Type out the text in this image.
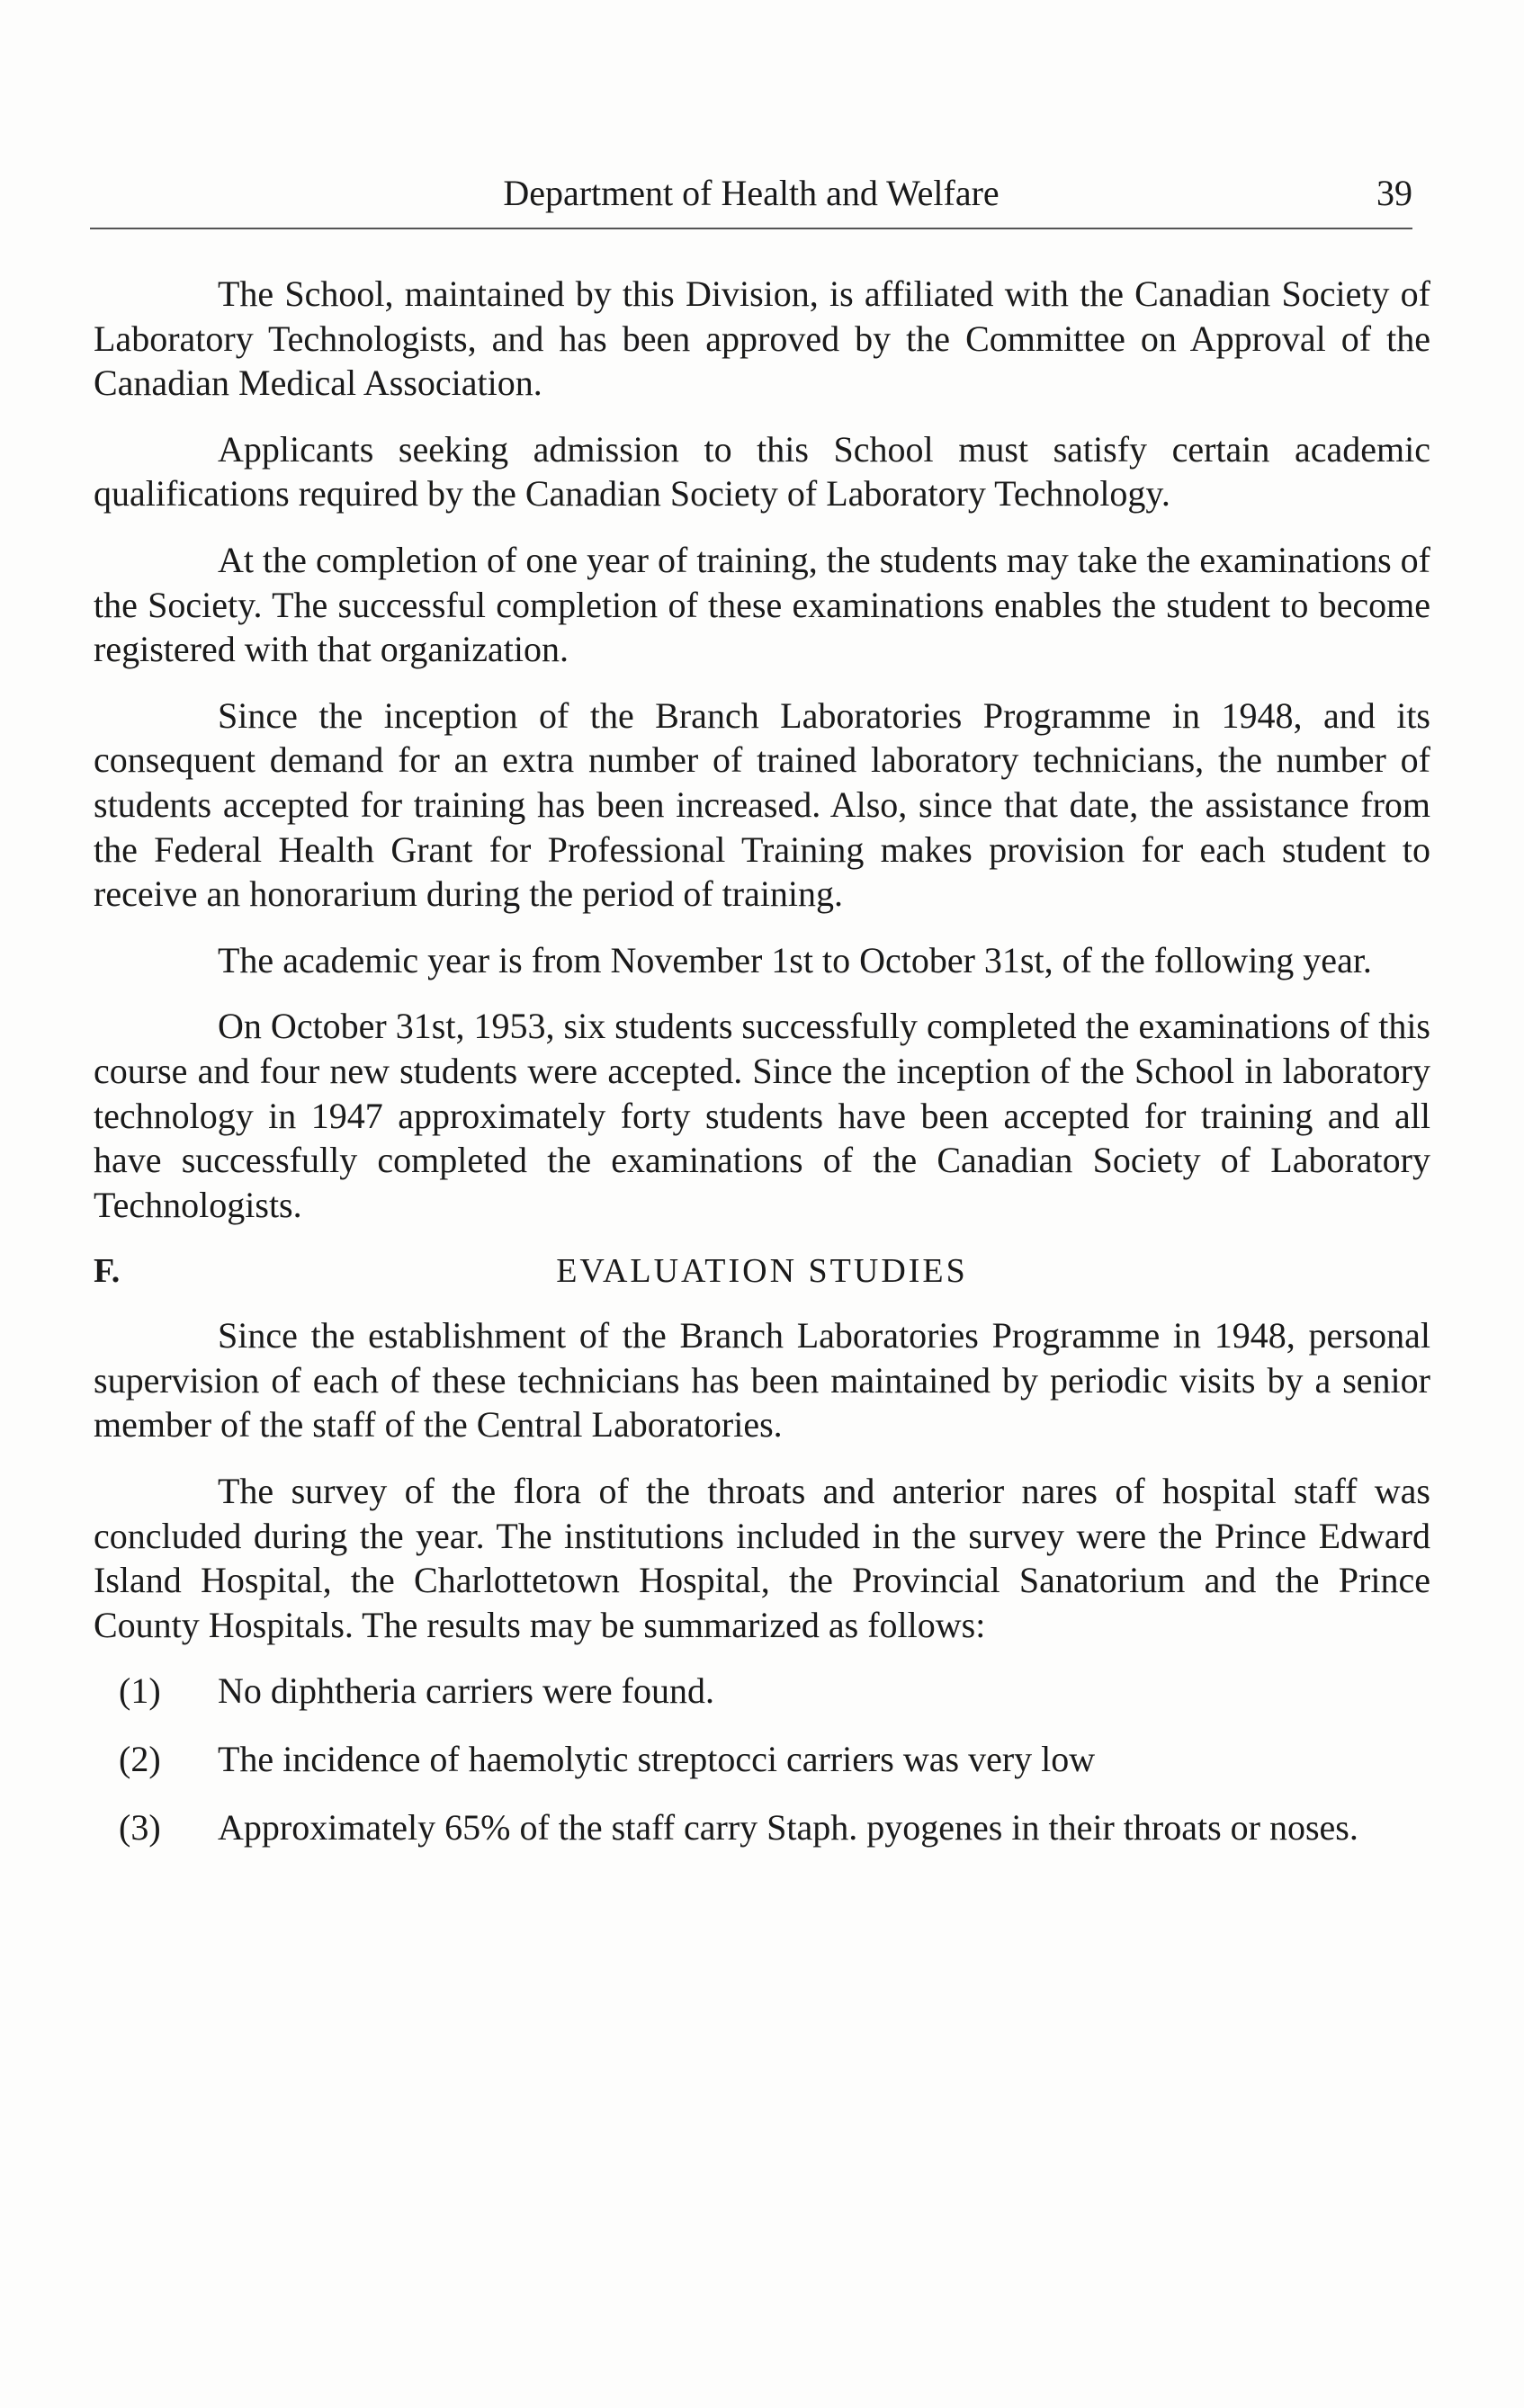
Department of Health and Welfare	39

The School, maintained by this Division, is affiliated with the Canadian Society of Laboratory Technologists, and has been approved by the Committee on Approval of the Canadian Medical Association.

Applicants seeking admission to this School must satisfy certain academic qualifications required by the Canadian Society of Laboratory Technology.

At the completion of one year of training, the students may take the examinations of the Society. The successful completion of these examinations enables the student to become registered with that organization.

Since the inception of the Branch Laboratories Programme in 1948, and its consequent demand for an extra number of trained laboratory technicians, the number of students accepted for training has been increased. Also, since that date, the assistance from the Federal Health Grant for Professional Training makes provision for each student to receive an honorarium during the period of training.

The academic year is from November 1st to October 31st, of the following year.

On October 31st, 1953, six students successfully completed the examinations of this course and four new students were accepted. Since the inception of the School in laboratory technology in 1947 approximately forty students have been accepted for training and all have successfully completed the examinations of the Canadian Society of Laboratory Technologists.

F.	EVALUATION STUDIES

Since the establishment of the Branch Laboratories Programme in 1948, personal supervision of each of these technicians has been maintained by periodic visits by a senior member of the staff of the Central Laboratories.

The survey of the flora of the throats and anterior nares of hospital staff was concluded during the year. The institutions included in the survey were the Prince Edward Island Hospital, the Charlottetown Hospital, the Provincial Sanatorium and the Prince County Hospitals. The results may be summarized as follows:

(1) No diphtheria carriers were found.
(2) The incidence of haemolytic streptocci carriers was very low
(3) Approximately 65% of the staff carry Staph. pyogenes in their throats or noses.
